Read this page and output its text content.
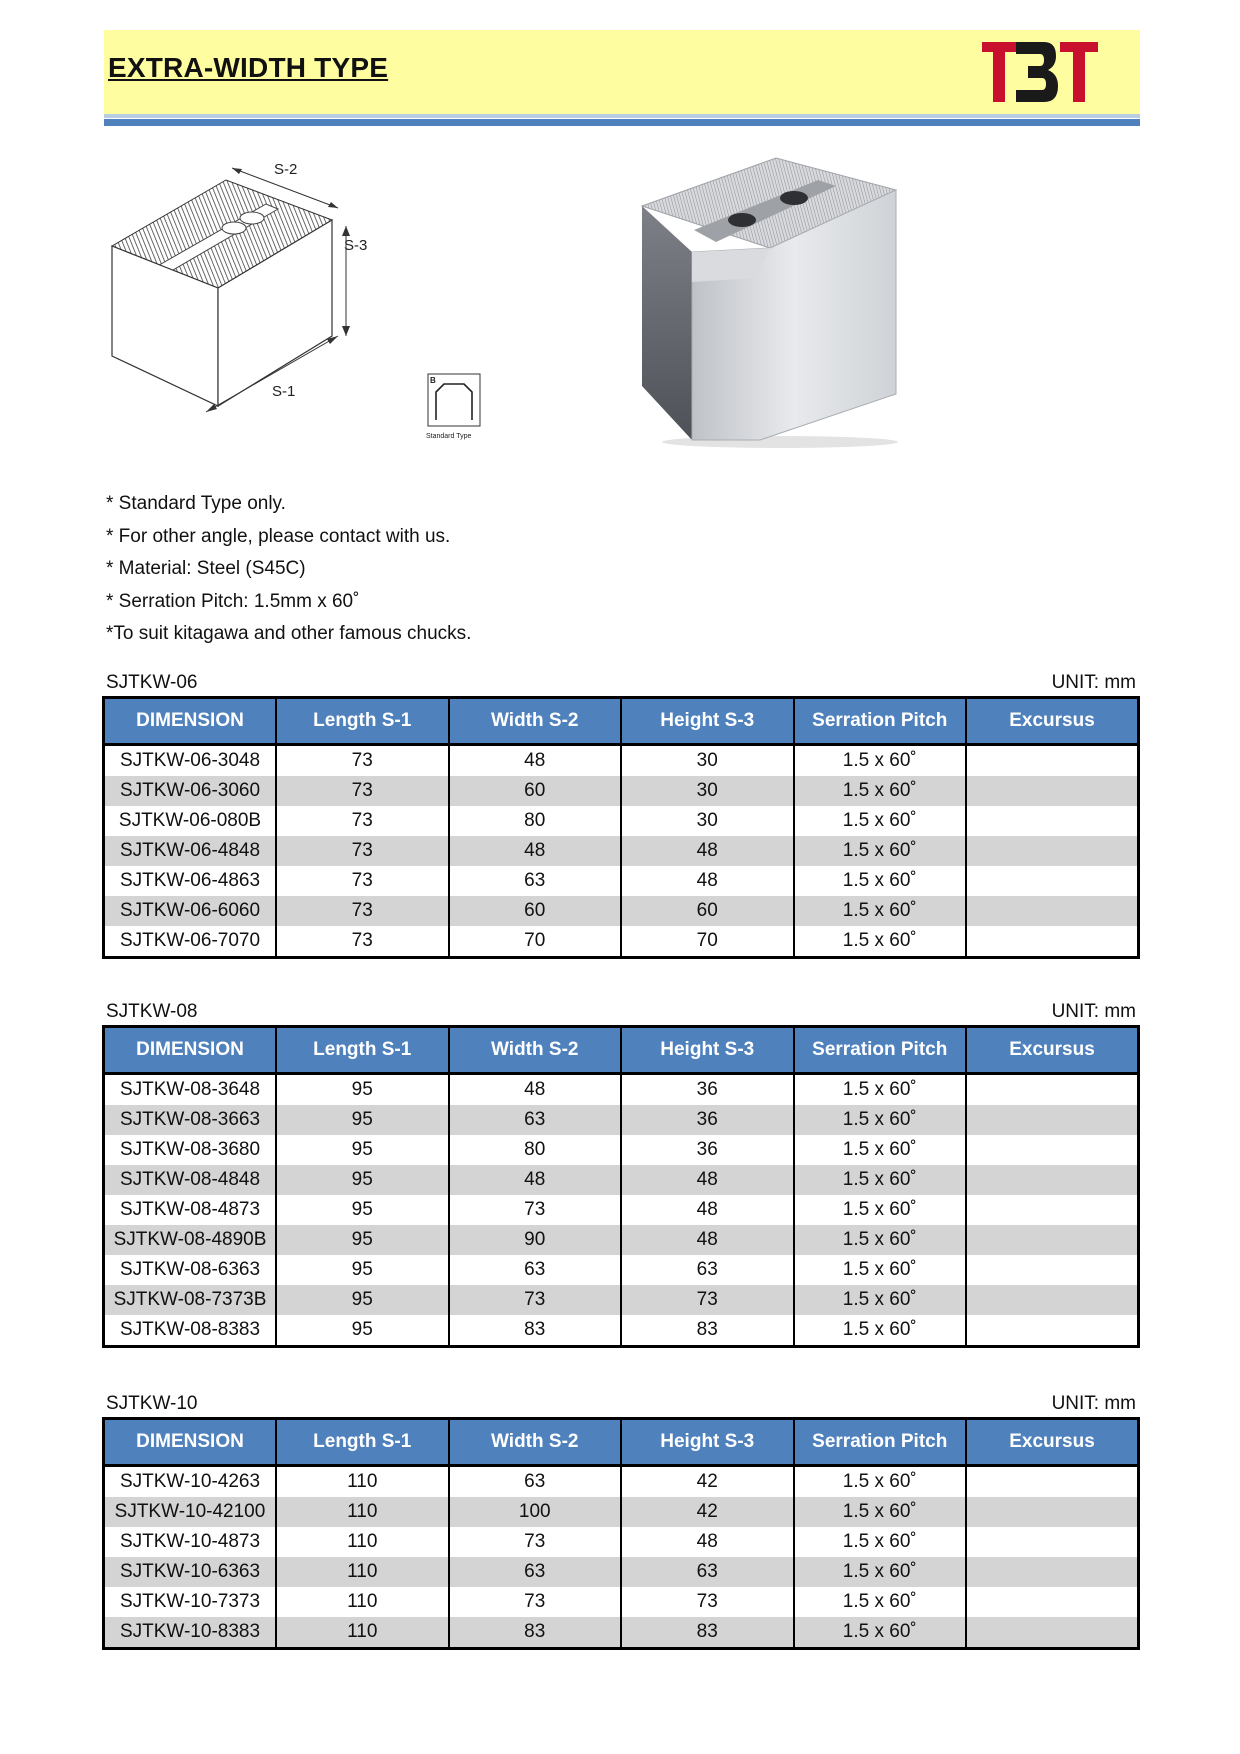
EXTRA-WIDTH TYPE
S-2
S-3
S-1
B
Standard Type
* Standard Type only.
* For other angle, please contact with us.
* Material: Steel (S45C)
* Serration Pitch: 1.5mm x 60˚
*To suit kitagawa and other famous chucks.
SJTKW-06	UNIT: mm
DIMENSION	Length S-1	Width S-2	Height S-3	Serration Pitch	Excursus
SJTKW-06-3048	73	48	30	1.5 x 60˚	
SJTKW-06-3060	73	60	30	1.5 x 60˚	
SJTKW-06-080B	73	80	30	1.5 x 60˚	
SJTKW-06-4848	73	48	48	1.5 x 60˚	
SJTKW-06-4863	73	63	48	1.5 x 60˚	
SJTKW-06-6060	73	60	60	1.5 x 60˚	
SJTKW-06-7070	73	70	70	1.5 x 60˚	
SJTKW-08	UNIT: mm
DIMENSION	Length S-1	Width S-2	Height S-3	Serration Pitch	Excursus
SJTKW-08-3648	95	48	36	1.5 x 60˚	
SJTKW-08-3663	95	63	36	1.5 x 60˚	
SJTKW-08-3680	95	80	36	1.5 x 60˚	
SJTKW-08-4848	95	48	48	1.5 x 60˚	
SJTKW-08-4873	95	73	48	1.5 x 60˚	
SJTKW-08-4890B	95	90	48	1.5 x 60˚	
SJTKW-08-6363	95	63	63	1.5 x 60˚	
SJTKW-08-7373B	95	73	73	1.5 x 60˚	
SJTKW-08-8383	95	83	83	1.5 x 60˚	
SJTKW-10	UNIT: mm
DIMENSION	Length S-1	Width S-2	Height S-3	Serration Pitch	Excursus
SJTKW-10-4263	110	63	42	1.5 x 60˚	
SJTKW-10-42100	110	100	42	1.5 x 60˚	
SJTKW-10-4873	110	73	48	1.5 x 60˚	
SJTKW-10-6363	110	63	63	1.5 x 60˚	
SJTKW-10-7373	110	73	73	1.5 x 60˚	
SJTKW-10-8383	110	83	83	1.5 x 60˚	
